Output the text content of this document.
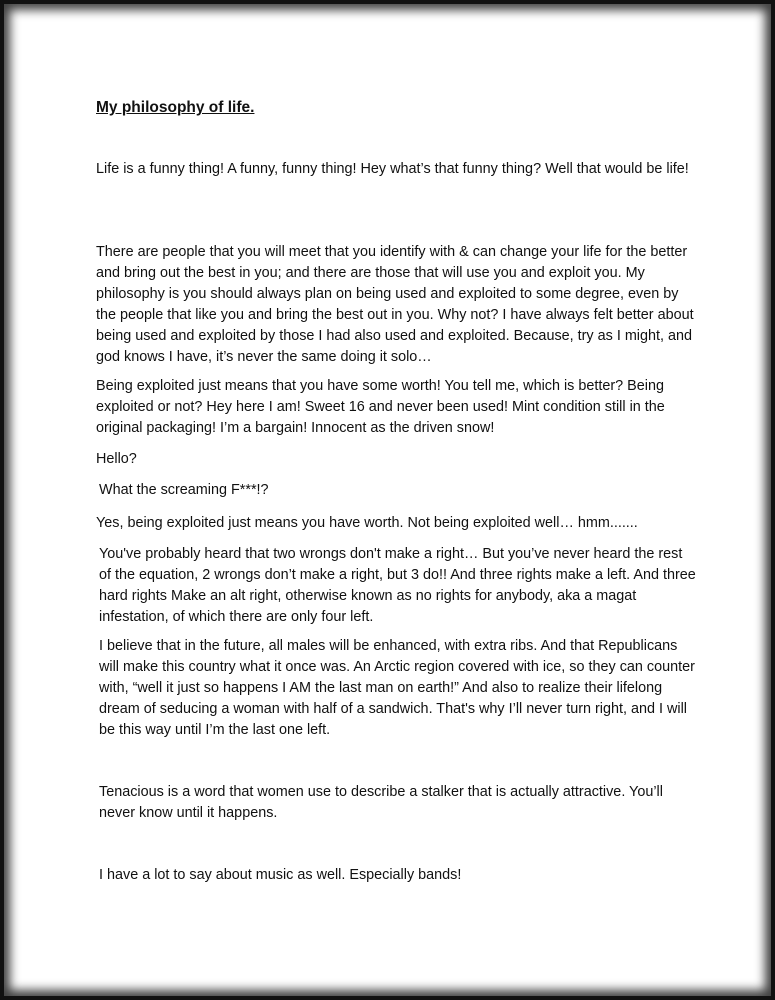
My philosophy of life.

Life is a funny thing! A funny, funny thing! Hey what’s that funny thing? Well that would be life!

There are people that you will meet that you identify with & can change your life for the better and bring out the best in you; and there are those that will use you and exploit you. My philosophy is you should always plan on being used and exploited to some degree, even by the people that like you and bring the best out in you. Why not? I have always felt better about being used and exploited by those I had also used and exploited. Because, try as I might, and god knows I have, it’s never the same doing it solo…

Being exploited just means that you have some worth! You tell me, which is better? Being exploited or not? Hey here I am! Sweet 16 and never been used! Mint condition still in the original packaging! I’m a bargain! Innocent as the driven snow!

Hello?

What the screaming F***!?

Yes, being exploited just means you have worth. Not being exploited well… hmm.......

You've probably heard that two wrongs don't make a right… But you’ve never heard the rest of the equation, 2 wrongs don’t make a right, but 3 do!! And three rights make a left. And three hard rights Make an alt right, otherwise known as no rights for anybody, aka a magat infestation, of which there are only four left.

I believe that in the future, all males will be enhanced, with extra ribs. And that Republicans will make this country what it once was. An Arctic region covered with ice, so they can counter with, “well it just so happens I AM the last man on earth!” And also to realize their lifelong dream of seducing a woman with half of a sandwich. That's why I’ll never turn right, and I will be this way until I’m the last one left.

Tenacious is a word that women use to describe a stalker that is actually attractive. You’ll never know until it happens.

I have a lot to say about music as well. Especially bands!
